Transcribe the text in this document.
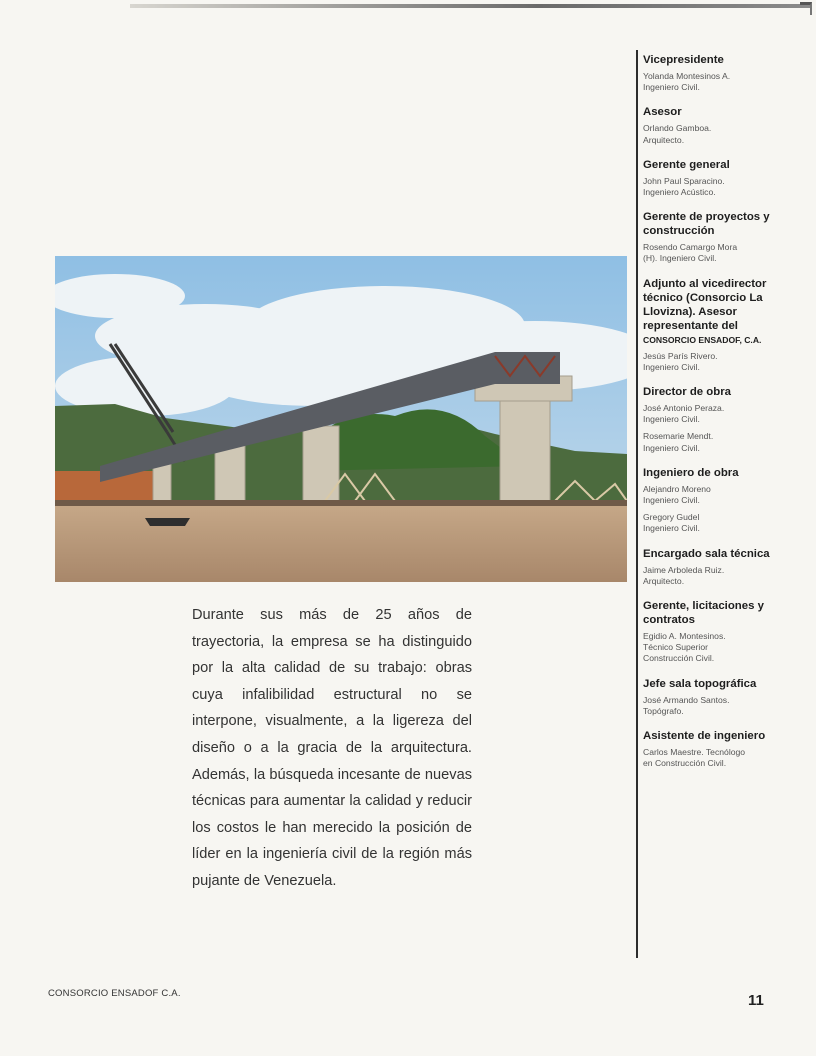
Durante sus más de 25 años de trayectoria, la empresa se ha distinguido por la alta calidad de su trabajo: obras cuya infalibilidad estructural no se interpone, visualmente, a la ligereza del diseño o a la gracia de la arquitectura. Además, la búsqueda incesante de nuevas técnicas para aumentar la calidad y reducir los costos le han merecido la posición de líder en la ingeniería civil de la región más pujante de Venezuela.
Vicepresidente
Yolanda Montesinos A.
Ingeniero Civil.
Asesor
Orlando Gamboa.
Arquitecto.
Gerente general
John Paul Sparacino.
Ingeniero Acústico.
Gerente de proyectos y construcción
Rosendo Camargo Mora
(H). Ingeniero Civil.
Adjunto al vicedirector técnico (Consorcio La Llovizna). Asesor representante del CONSORCIO ENSADOF, C.A.
Jesús París Rivero.
Ingeniero Civil.
Director de obra
José Antonio Peraza.
Ingeniero Civil.
Rosemarie Mendt.
Ingeniero Civil.
Ingeniero de obra
Alejandro Moreno
Ingeniero Civil.
Gregory Gudel
Ingeniero Civil.
Encargado sala técnica
Jaime Arboleda Ruiz.
Arquitecto.
Gerente, licitaciones y contratos
Egidio A. Montesinos.
Técnico Superior
Construcción Civil.
Jefe sala topográfica
José Armando Santos.
Topógrafo.
Asistente de ingeniero
Carlos Maestre. Tecnólogo
en Construcción Civil.
CONSORCIO ENSADOF C.A.	11
